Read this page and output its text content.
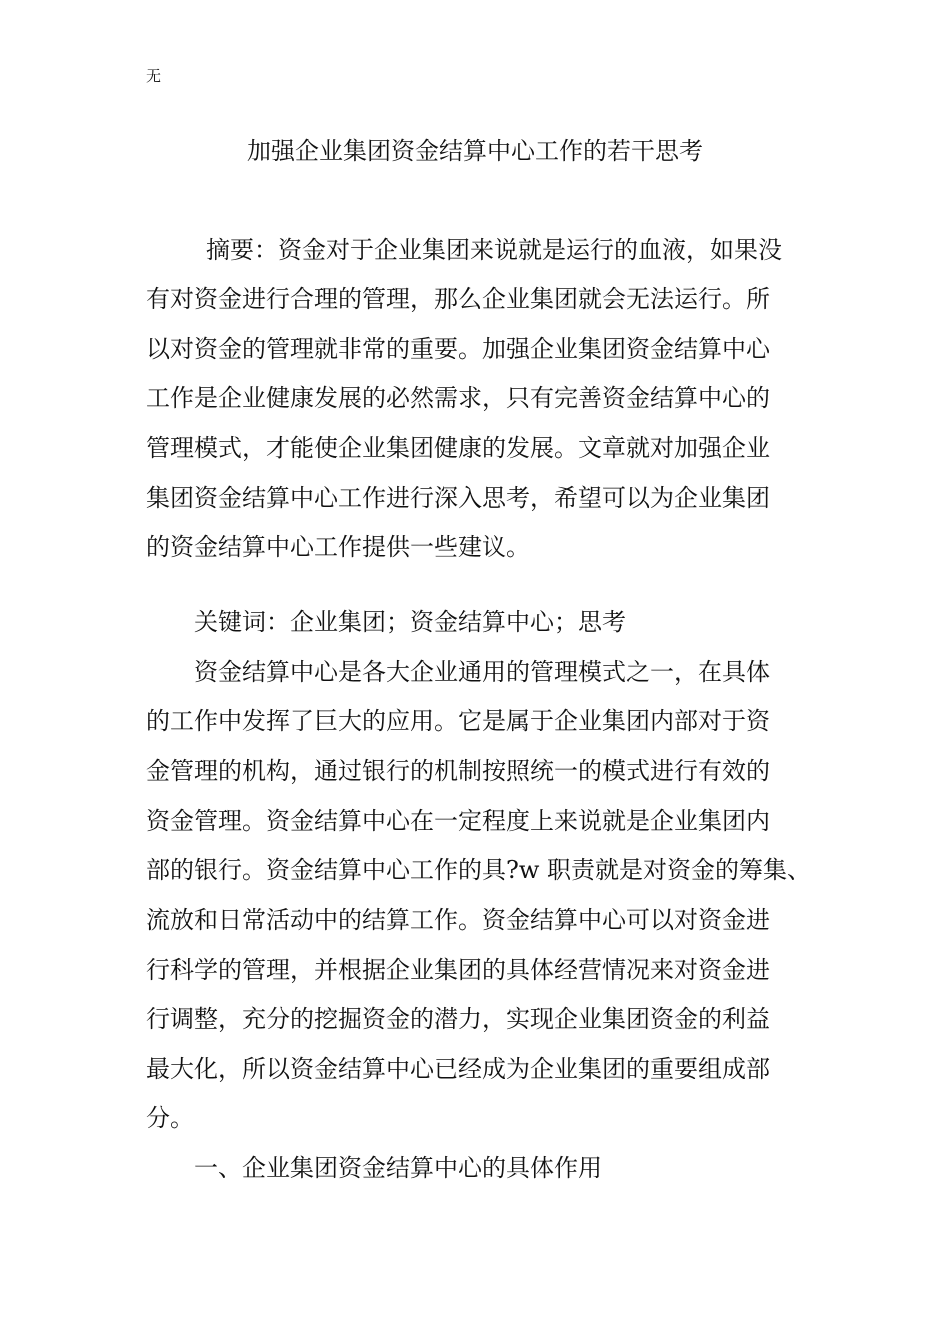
无
加强企业集团资金结算中心工作的若干思考
摘要：资金对于企业集团来说就是运行的血液，如果没
有对资金进行合理的管理，那么企业集团就会无法运行。所
以对资金的管理就非常的重要。加强企业集团资金结算中心
工作是企业健康发展的必然需求，只有完善资金结算中心的
管理模式，才能使企业集团健康的发展。文章就对加强企业
集团资金结算中心工作进行深入思考，希望可以为企业集团
的资金结算中心工作提供一些建议。
关键词：企业集团；资金结算中心；思考
资金结算中心是各大企业通用的管理模式之一，在具体
的工作中发挥了巨大的应用。它是属于企业集团内部对于资
金管理的机构，通过银行的机制按照统一的模式进行有效的
资金管理。资金结算中心在一定程度上来说就是企业集团内
部的银行。资金结算中心工作的具?w 职责就是对资金的筹集、
流放和日常活动中的结算工作。资金结算中心可以对资金进
行科学的管理，并根据企业集团的具体经营情况来对资金进
行调整，充分的挖掘资金的潜力，实现企业集团资金的利益
最大化，所以资金结算中心已经成为企业集团的重要组成部
分。
一、企业集团资金结算中心的具体作用
